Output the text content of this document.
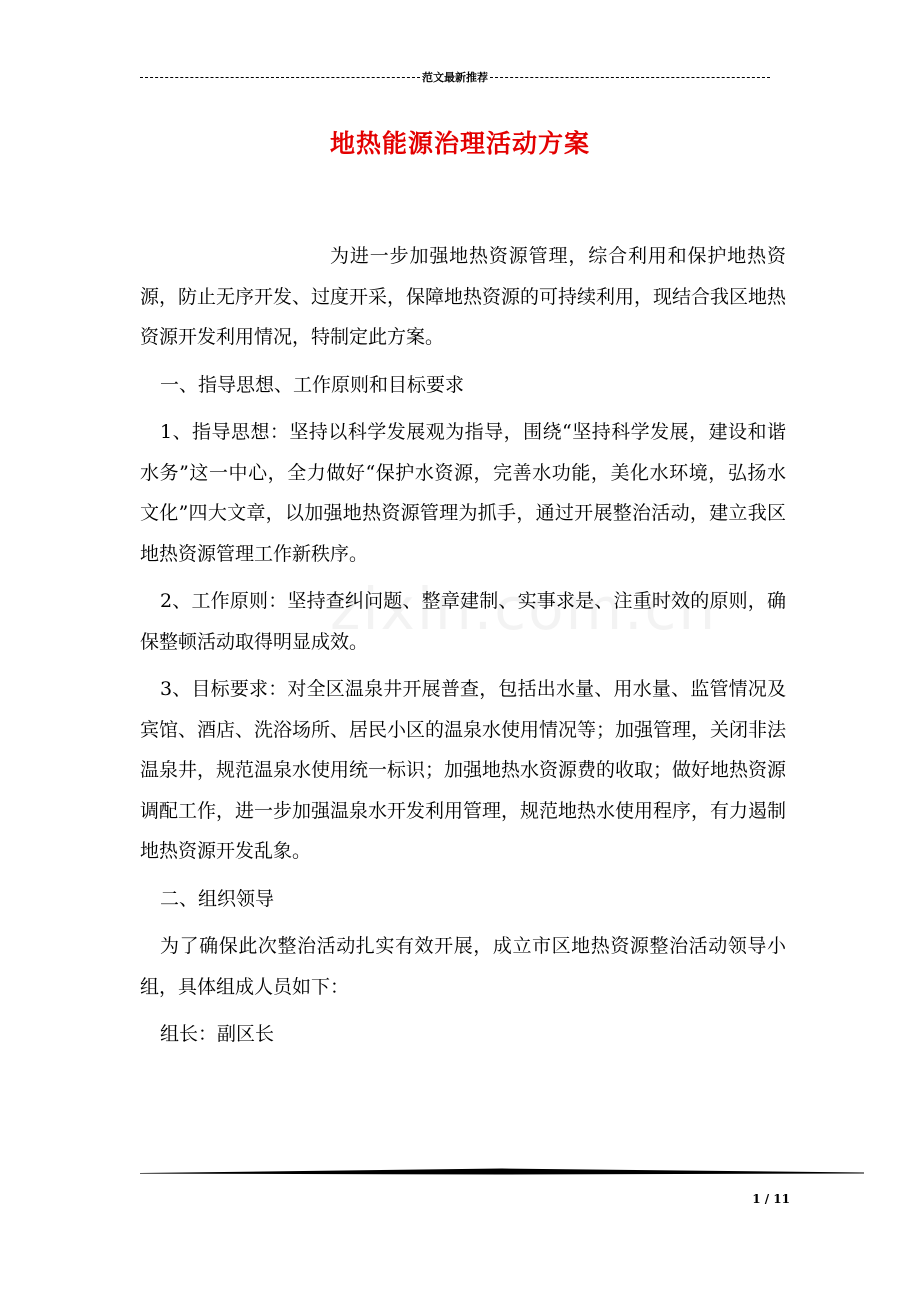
范文最新推荐
地热能源治理活动方案

为进一步加强地热资源管理，综合利用和保护地热资源，防止无序开发、过度开采，保障地热资源的可持续利用，现结合我区地热资源开发利用情况，特制定此方案。

一、指导思想、工作原则和目标要求

1、指导思想：坚持以科学发展观为指导，围绕“坚持科学发展，建设和谐水务”这一中心，全力做好“保护水资源，完善水功能，美化水环境，弘扬水文化”四大文章，以加强地热资源管理为抓手，通过开展整治活动，建立我区地热资源管理工作新秩序。

2、工作原则：坚持查纠问题、整章建制、实事求是、注重时效的原则，确保整顿活动取得明显成效。

3、目标要求：对全区温泉井开展普查，包括出水量、用水量、监管情况及宾馆、酒店、洗浴场所、居民小区的温泉水使用情况等；加强管理，关闭非法温泉井，规范温泉水使用统一标识；加强地热水资源费的收取；做好地热资源调配工作，进一步加强温泉水开发利用管理，规范地热水使用程序，有力遏制地热资源开发乱象。

二、组织领导

为了确保此次整治活动扎实有效开展，成立市区地热资源整治活动领导小组，具体组成人员如下：

组长：副区长

1 / 11
